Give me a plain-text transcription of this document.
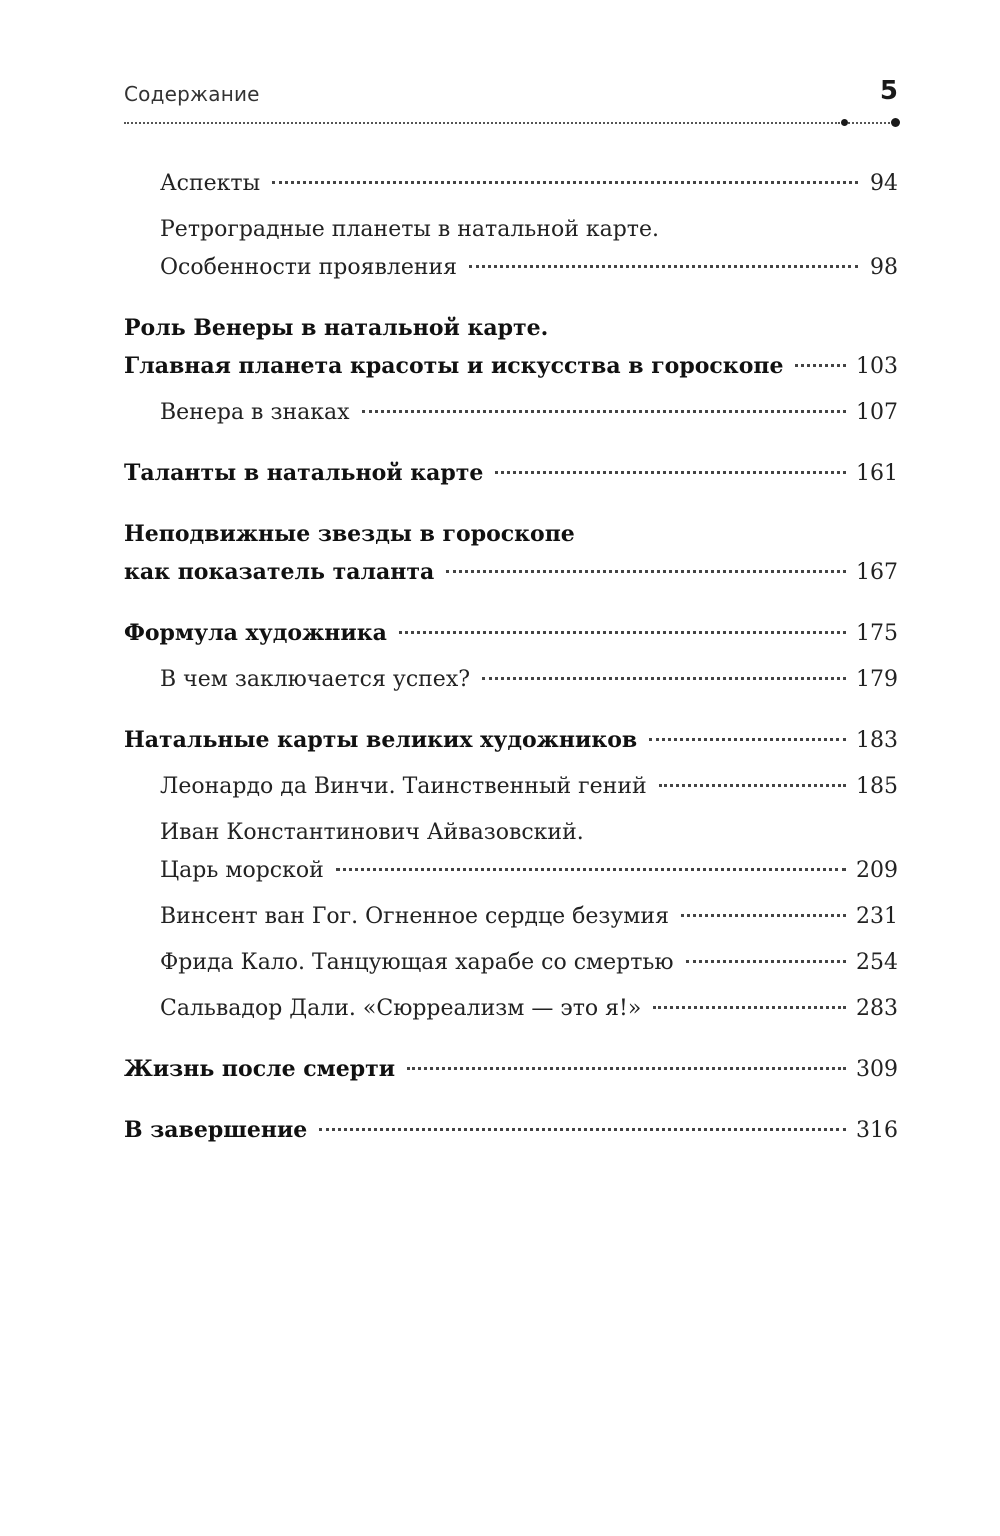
Содержание	5
Аспекты	94
Ретроградные планеты в натальной карте.
Особенности проявления	98
Роль Венеры в натальной карте.
Главная планета красоты и искусства в гороскопе	103
Венера в знаках	107
Таланты в натальной карте	161
Неподвижные звезды в гороскопе
как показатель таланта	167
Формула художника	175
В чем заключается успех?	179
Натальные карты великих художников	183
Леонардо да Винчи. Таинственный гений	185
Иван Константинович Айвазовский.
Царь морской	209
Винсент ван Гог. Огненное сердце безумия	231
Фрида Кало. Танцующая харабе со смертью	254
Сальвадор Дали. «Сюрреализм — это я!»	283
Жизнь после смерти	309
В завершение	316
